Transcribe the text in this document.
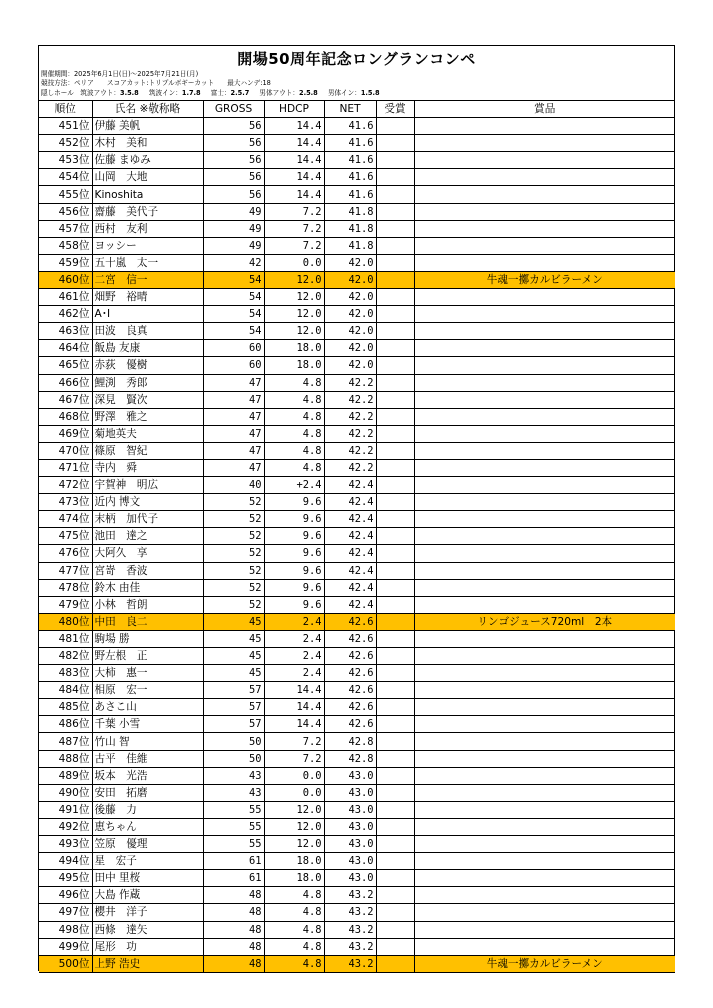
開場50周年記念ロングランコンペ
開催期間：2025年6月1日(日)〜2025年7月21日(月)
競技方法：ペリア　　スコアカット:トリプルボギーカット　　最大ハンデ:18
隠しホール　筑波アウト：3.5.8 筑波イン：1.7.8 富士：2.5.7 男体アウト：2.5.8 男体イン：1.5.8
順位	氏名 ※敬称略	GROSS	HDCP	NET	受賞	賞品
451位	伊藤 美帆	56	14.4	41.6		
452位	木村　美和	56	14.4	41.6		
453位	佐藤 まゆみ	56	14.4	41.6		
454位	山岡　大地	56	14.4	41.6		
455位	Kinoshita	56	14.4	41.6		
456位	齋藤　美代子	49	7.2	41.8		
457位	西村　友利	49	7.2	41.8		
458位	ヨッシー	49	7.2	41.8		
459位	五十嵐　太一	42	0.0	42.0		
460位	二宮　信一	54	12.0	42.0		牛魂一擲カルビラーメン
461位	畑野　裕晴	54	12.0	42.0		
462位	A･I	54	12.0	42.0		
463位	田波　良真	54	12.0	42.0		
464位	飯島 友康	60	18.0	42.0		
465位	赤荻　優樹	60	18.0	42.0		
466位	鯉渕　秀郎	47	4.8	42.2		
467位	深見　賢次	47	4.8	42.2		
468位	野澤　雅之	47	4.8	42.2		
469位	菊地英夫	47	4.8	42.2		
470位	篠原　智紀	47	4.8	42.2		
471位	寺内　舜	47	4.8	42.2		
472位	宇賀神　明広	40	+2.4	42.4		
473位	近内 博文	52	9.6	42.4		
474位	末柄　加代子	52	9.6	42.4		
475位	池田　達之	52	9.6	42.4		
476位	大阿久　享	52	9.6	42.4		
477位	宮嵜　香波	52	9.6	42.4		
478位	鈴木 由佳	52	9.6	42.4		
479位	小林　哲朗	52	9.6	42.4		
480位	中田　良二	45	2.4	42.6		リンゴジュース720ml　2本
481位	駒場 勝	45	2.4	42.6		
482位	野左根　正	45	2.4	42.6		
483位	大柿　惠一	45	2.4	42.6		
484位	相原　宏一	57	14.4	42.6		
485位	あさこ山	57	14.4	42.6		
486位	千葉 小雪	57	14.4	42.6		
487位	竹山 智	50	7.2	42.8		
488位	古平　佳維	50	7.2	42.8		
489位	坂本　光浩	43	0.0	43.0		
490位	安田　拓磨	43	0.0	43.0		
491位	後藤　力	55	12.0	43.0		
492位	恵ちゃん	55	12.0	43.0		
493位	笠原　優理	55	12.0	43.0		
494位	星　宏子	61	18.0	43.0		
495位	田中 里桜	61	18.0	43.0		
496位	大島 作蔵	48	4.8	43.2		
497位	櫻井　洋子	48	4.8	43.2		
498位	西條　達矢	48	4.8	43.2		
499位	尾形　功	48	4.8	43.2		
500位	上野 浩史	48	4.8	43.2		牛魂一擲カルビラーメン
